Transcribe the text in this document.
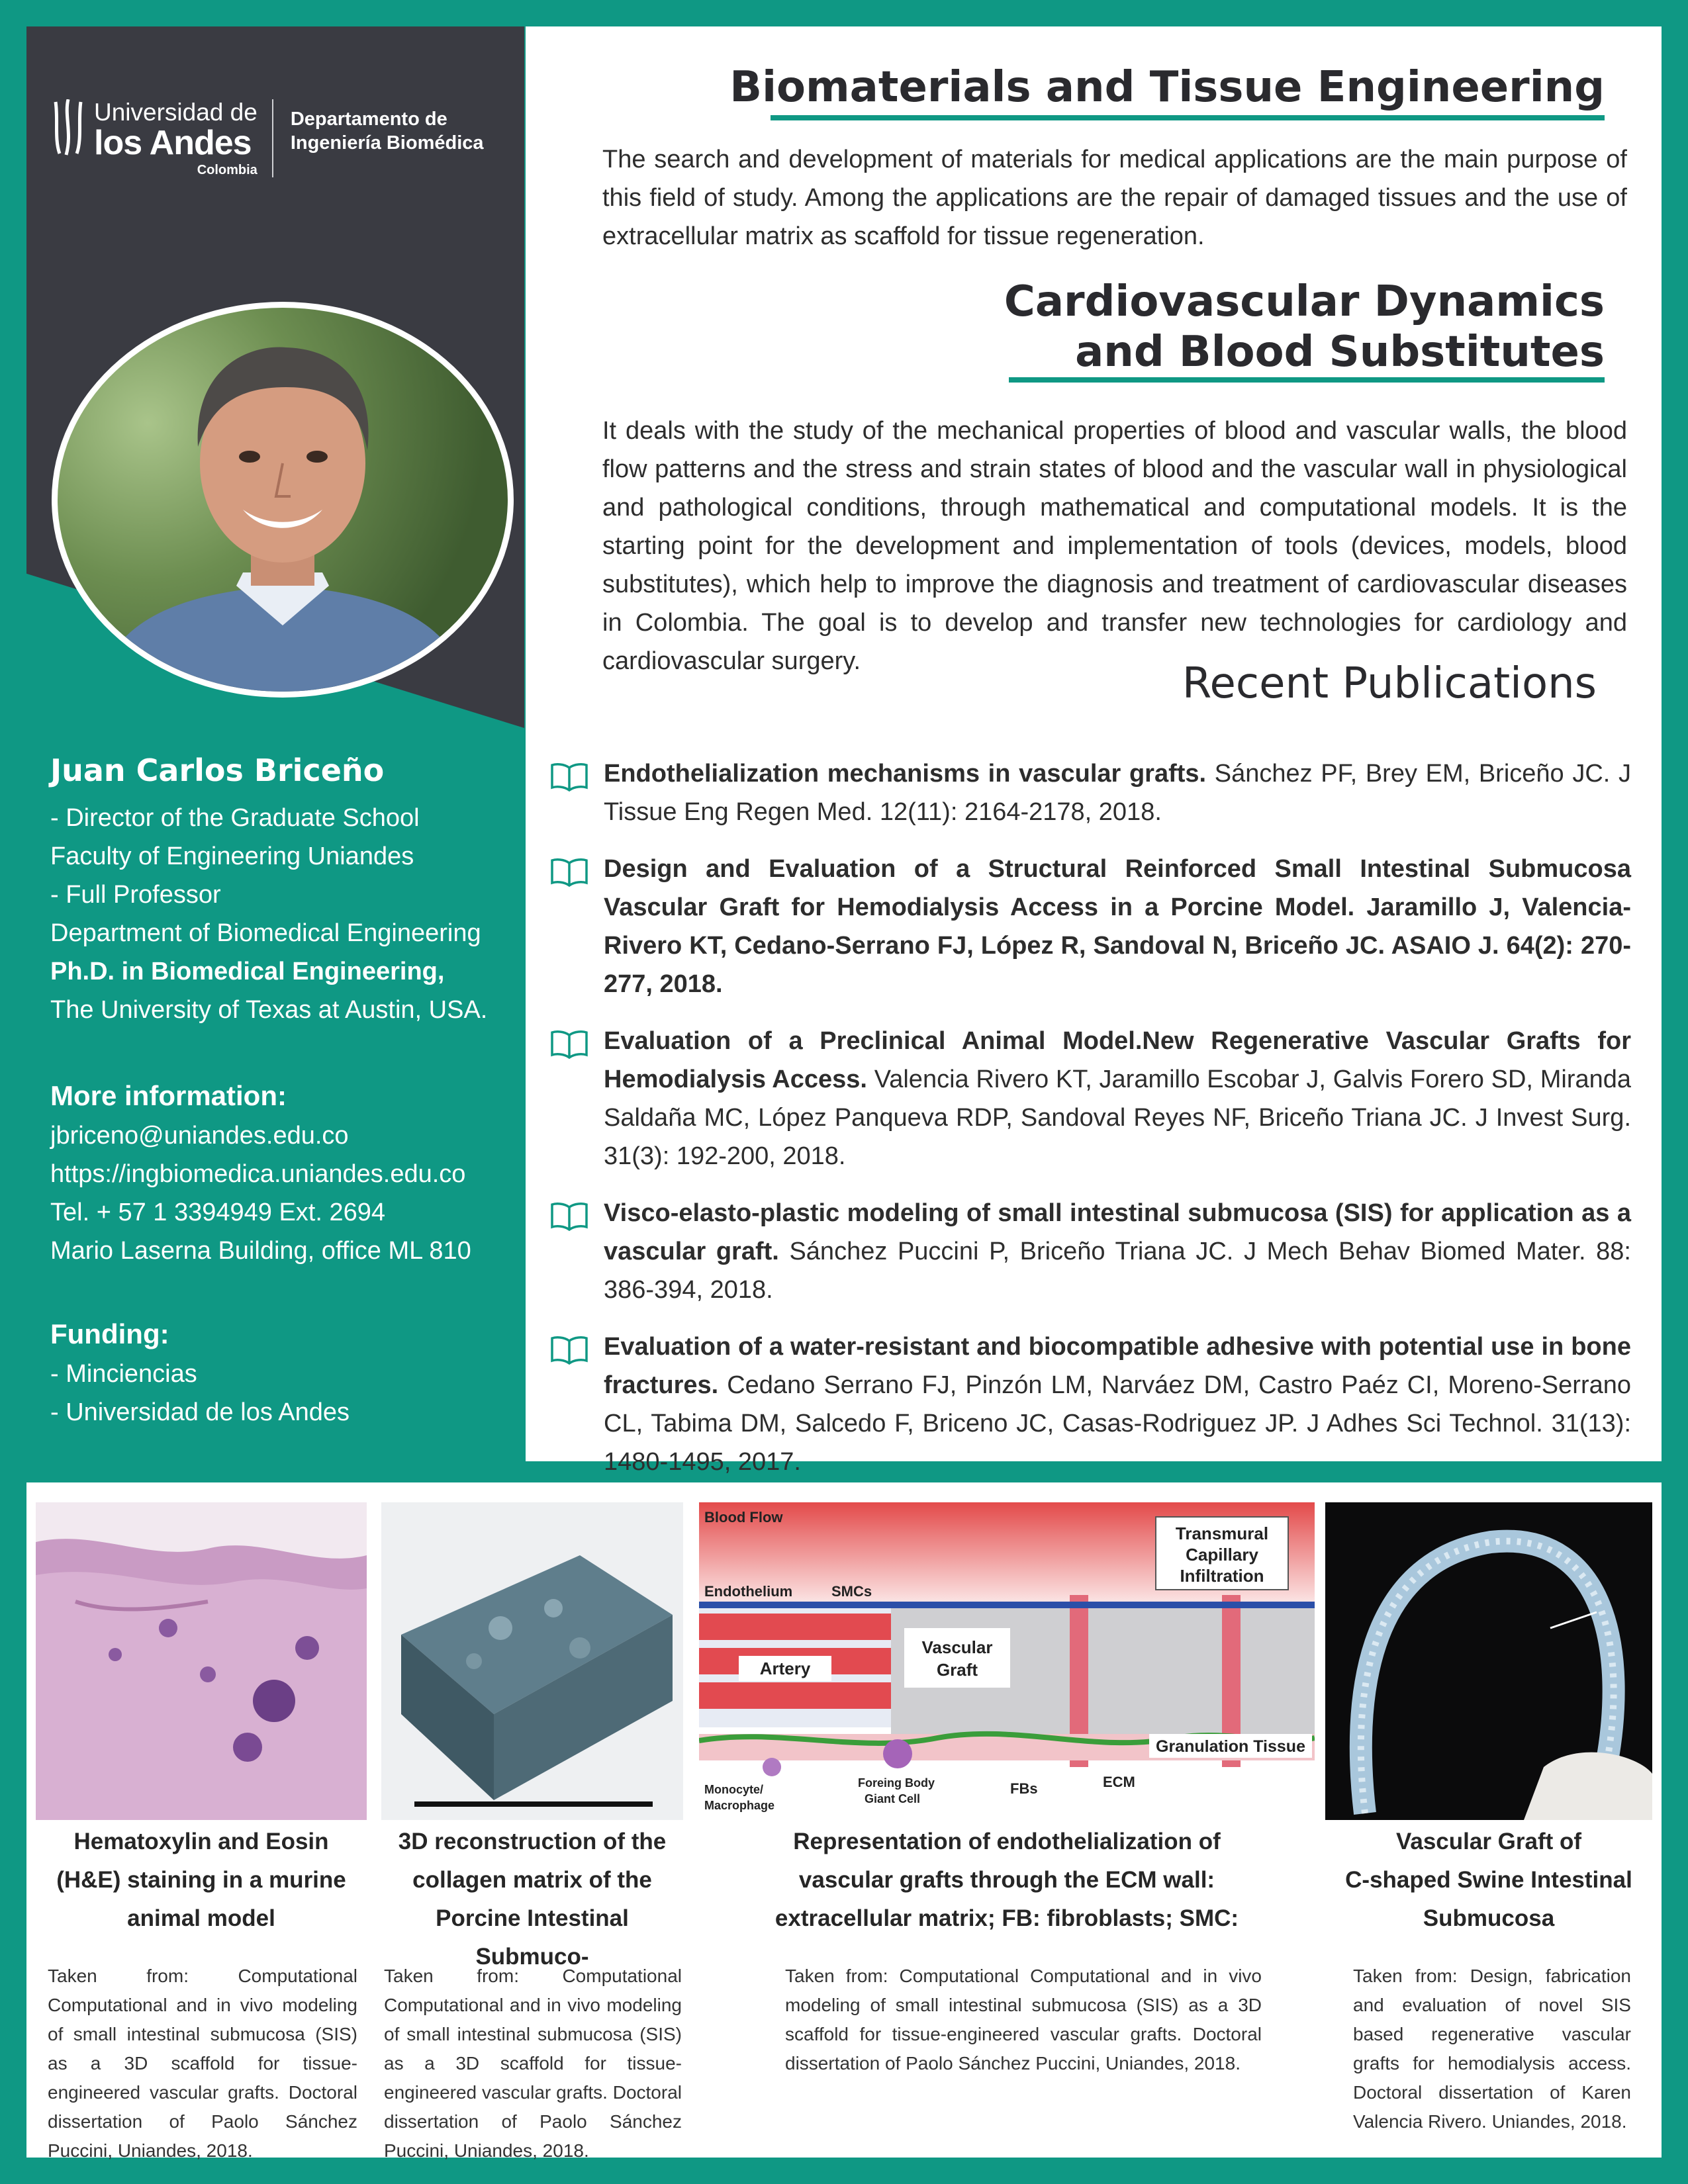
Universidad de
los Andes
Colombia
Departamento de
Ingeniería Biomédica
Juan Carlos Briceño
- Director of the Graduate School
Faculty of Engineering Uniandes
- Full Professor
Department of Biomedical Engineering
Ph.D. in Biomedical Engineering,
The University of Texas at Austin, USA.
More information:
jbriceno@uniandes.edu.co
https://ingbiomedica.uniandes.edu.co
Tel. + 57 1 3394949 Ext. 2694
Mario Laserna Building, office ML 810
Funding:
- Minciencias
- Universidad de los Andes
Biomaterials and Tissue Engineering
The search and development of materials for medical applications are the main purpose of this field of study. Among the applications are the repair of damaged tissues and the use of extracellular matrix as scaffold for tissue regeneration.
Cardiovascular Dynamics
and Blood Substitutes
It deals with the study of the mechanical properties of blood and vascular walls, the blood flow patterns and the stress and strain states of blood and the vascular wall in physiological and pathological conditions, through mathematical and computational models. It is the starting point for the development and implementation of tools (devices, models, blood substitutes), which help to improve the diagnosis and treatment of cardiovascular diseases in Colombia. The goal is to develop and transfer new technologies for cardiology and cardiovascular surgery.	Recent Publications
Endothelialization mechanisms in vascular grafts. Sánchez PF, Brey EM, Briceño JC. J Tissue Eng Regen Med. 12(11): 2164-2178, 2018.
Design and Evaluation of a Structural Reinforced Small Intestinal Submucosa Vascular Graft for Hemodialysis Access in a Porcine Model. Jaramillo J, Valencia-Rivero KT, Cedano-Serrano FJ, López R, Sandoval N, Briceño JC. ASAIO J. 64(2): 270-277, 2018.
Evaluation of a Preclinical Animal Model.New Regenerative Vascular Grafts for Hemodialysis Access. Valencia Rivero KT, Jaramillo Escobar J, Galvis Forero SD, Miranda Saldaña MC, López Panqueva RDP, Sandoval Reyes NF, Briceño Triana JC. J Invest Surg. 31(3): 192-200, 2018.
Visco-elasto-plastic modeling of small intestinal submucosa (SIS) for application as a vascular graft. Sánchez Puccini P, Briceño Triana JC. J Mech Behav Biomed Mater. 88: 386-394, 2018.
Evaluation of a water-resistant and biocompatible adhesive with potential use in bone fractures. Cedano Serrano FJ, Pinzón LM, Narváez DM, Castro Paéz CI, Moreno-Serrano CL, Tabima DM, Salcedo F, Briceno JC, Casas-Rodriguez JP. J Adhes Sci Technol. 31(13): 1480-1495, 2017.
Hematoxylin and Eosin
(H&E) staining in a murine
animal model
Taken from: Computational Computational and in vivo modeling of small intestinal submucosa (SIS) as a 3D scaffold for tissue-engineered vascular grafts. Doctoral dissertation of Paolo Sánchez Puccini, Uniandes, 2018.
3D reconstruction of the
collagen matrix of the
Porcine Intestinal Submuco-
Taken from: Computational Computational and in vivo modeling of small intestinal submucosa (SIS) as a 3D scaffold for tissue-engineered vascular grafts. Doctoral dissertation of Paolo Sánchez Puccini, Uniandes, 2018.
Transmural
Capillary
Infiltration
Blood Flow
Endothelium	SMCs
Artery
Vascular
Graft
Granulation Tissue
Monocyte/
Macrophage
Foreing Body
Giant Cell
FBs	ECM
Representation of endothelialization of
vascular grafts through the ECM wall:
extracellular matrix; FB: fibroblasts; SMC:
Taken from: Computational Computational and in vivo modeling of small intestinal submucosa (SIS) as a 3D scaffold for tissue-engineered vascular grafts. Doctoral dissertation of Paolo Sánchez Puccini, Uniandes, 2018.
Vascular Graft of
C-shaped Swine Intestinal
Submucosa
Taken from: Design, fabrication and evaluation of novel SIS based regenerative vascular grafts for hemodialysis access. Doctoral dissertation of Karen Valencia Rivero. Uniandes, 2018.
